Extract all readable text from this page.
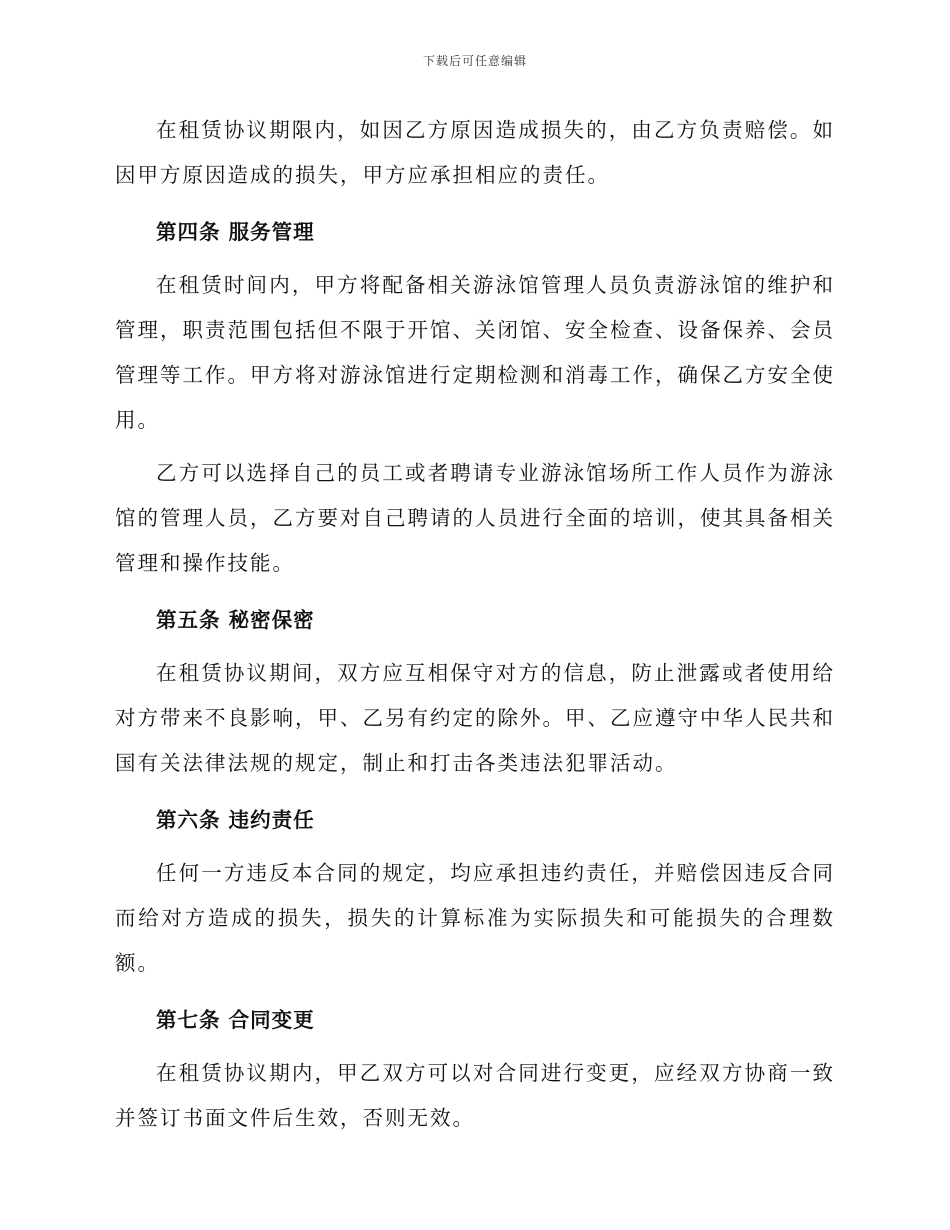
下载后可任意编辑

在租赁协议期限内，如因乙方原因造成损失的，由乙方负责赔偿。如因甲方原因造成的损失，甲方应承担相应的责任。

第四条 服务管理

在租赁时间内，甲方将配备相关游泳馆管理人员负责游泳馆的维护和管理，职责范围包括但不限于开馆、关闭馆、安全检查、设备保养、会员管理等工作。甲方将对游泳馆进行定期检测和消毒工作，确保乙方安全使用。

乙方可以选择自己的员工或者聘请专业游泳馆场所工作人员作为游泳馆的管理人员，乙方要对自己聘请的人员进行全面的培训，使其具备相关管理和操作技能。

第五条 秘密保密

在租赁协议期间，双方应互相保守对方的信息，防止泄露或者使用给对方带来不良影响，甲、乙另有约定的除外。甲、乙应遵守中华人民共和国有关法律法规的规定，制止和打击各类违法犯罪活动。

第六条 违约责任

任何一方违反本合同的规定，均应承担违约责任，并赔偿因违反合同而给对方造成的损失，损失的计算标准为实际损失和可能损失的合理数额。

第七条 合同变更

在租赁协议期内，甲乙双方可以对合同进行变更，应经双方协商一致并签订书面文件后生效，否则无效。
